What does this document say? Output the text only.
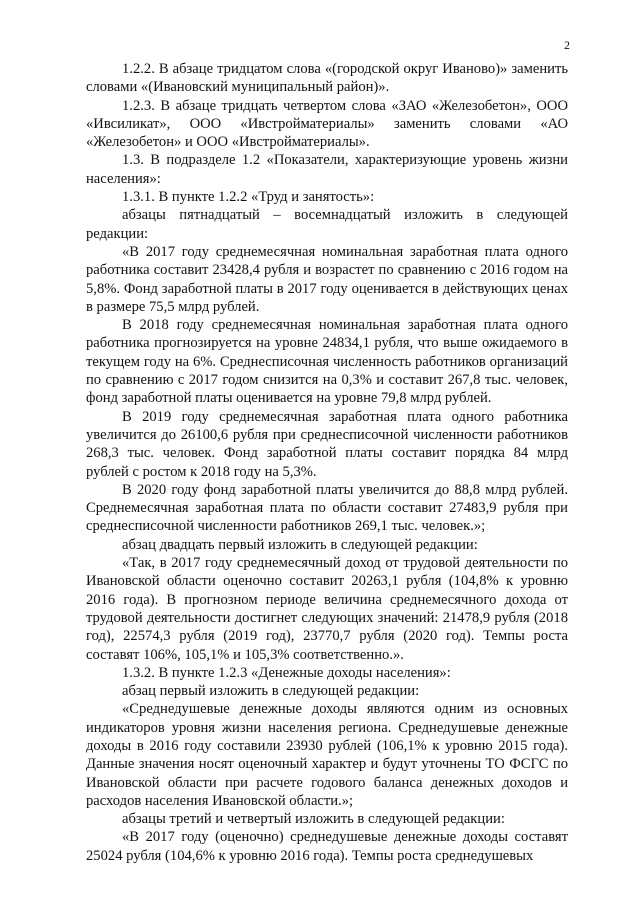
2

1.2.2. В абзаце тридцатом слова «(городской округ Иваново)» заменить словами «(Ивановский муниципальный район)».

1.2.3. В абзаце тридцать четвертом слова «ЗАО «Железобетон», ООО «Ивсиликат», ООО «Ивстройматериалы» заменить словами «АО «Железобетон» и ООО «Ивстройматериалы».

1.3. В подразделе 1.2 «Показатели, характеризующие уровень жизни населения»:

1.3.1. В пункте 1.2.2 «Труд и занятость»:

абзацы пятнадцатый – восемнадцатый изложить в следующей редакции:

«В 2017 году среднемесячная номинальная заработная плата одного работника составит 23428,4 рубля и возрастет по сравнению с 2016 годом на 5,8%. Фонд заработной платы в 2017 году оценивается в действующих ценах в размере 75,5 млрд рублей.

В 2018 году среднемесячная номинальная заработная плата одного работника прогнозируется на уровне 24834,1 рубля, что выше ожидаемого в текущем году на 6%. Среднесписочная численность работников организаций по сравнению с 2017 годом снизится на 0,3% и составит 267,8 тыс. человек, фонд заработной платы оценивается на уровне 79,8 млрд рублей.

В 2019 году среднемесячная заработная плата одного работника увеличится до 26100,6 рубля при среднесписочной численности работников 268,3 тыс. человек. Фонд заработной платы составит порядка 84 млрд рублей с ростом к 2018 году на 5,3%.

В 2020 году фонд заработной платы увеличится до 88,8 млрд рублей. Среднемесячная заработная плата по области составит 27483,9 рубля при среднесписочной численности работников 269,1 тыс. человек.»;

абзац двадцать первый изложить в следующей редакции:

«Так, в 2017 году среднемесячный доход от трудовой деятельности по Ивановской области оценочно составит 20263,1 рубля (104,8% к уровню 2016 года). В прогнозном периоде величина среднемесячного дохода от трудовой деятельности достигнет следующих значений: 21478,9 рубля (2018 год), 22574,3 рубля (2019 год), 23770,7 рубля (2020 год). Темпы роста составят 106%, 105,1% и 105,3% соответственно.».

1.3.2. В пункте 1.2.3 «Денежные доходы населения»:

абзац первый изложить в следующей редакции:

«Среднедушевые денежные доходы являются одним из основных индикаторов уровня жизни населения региона. Среднедушевые денежные доходы в 2016 году составили 23930 рублей (106,1% к уровню 2015 года). Данные значения носят оценочный характер и будут уточнены ТО ФСГС по Ивановской области при расчете годового баланса денежных доходов и расходов населения Ивановской области.»;

абзацы третий и четвертый изложить в следующей редакции:

«В 2017 году (оценочно) среднедушевые денежные доходы составят 25024 рубля (104,6% к уровню 2016 года). Темпы роста среднедушевых
